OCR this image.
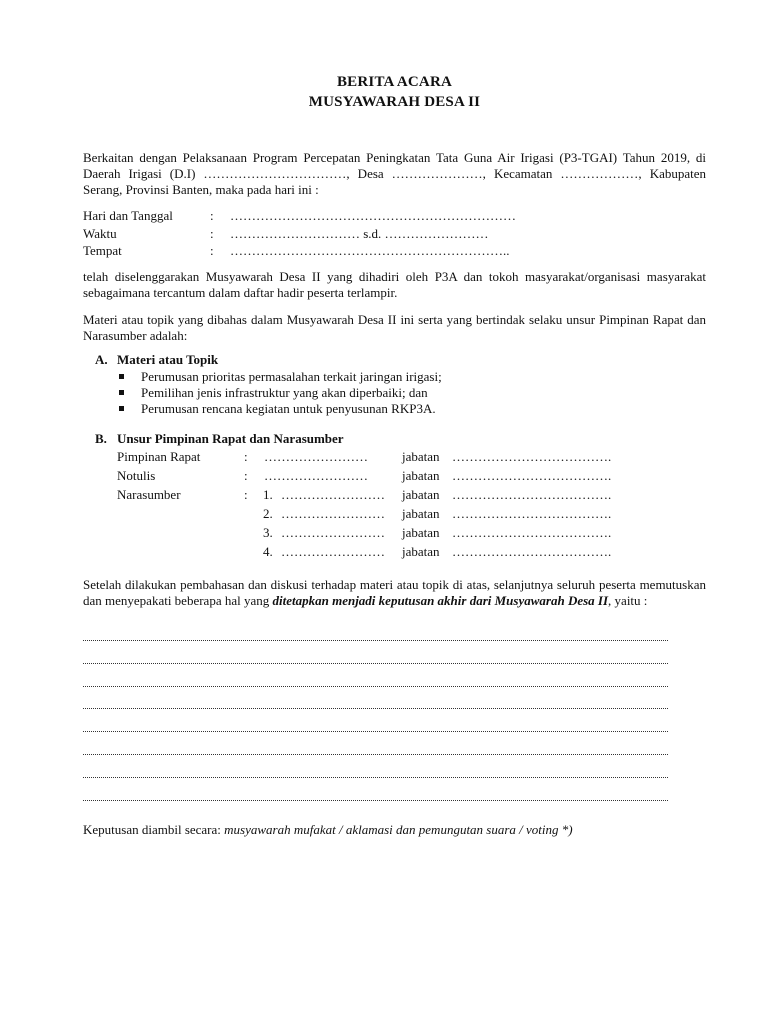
BERITA ACARA
MUSYAWARAH DESA II
Berkaitan dengan Pelaksanaan Program Percepatan Peningkatan Tata Guna Air Irigasi (P3-TGAI) Tahun 2019, di Daerah Irigasi (D.I) ……………………………, Desa …………………, Kecamatan ………………, Kabupaten Serang, Provinsi Banten, maka pada hari ini :
Hari dan Tanggal	: …………………………………………………………
Waktu	: ………………………… s.d. ……………………
Tempat	: ………………………………………………………..
telah diselenggarakan Musyawarah Desa II yang dihadiri oleh P3A dan tokoh masyarakat/organisasi masyarakat sebagaimana tercantum dalam daftar hadir peserta terlampir.
Materi atau topik yang dibahas dalam Musyawarah Desa II ini serta yang bertindak selaku unsur Pimpinan Rapat dan Narasumber adalah:
A. Materi atau Topik
Perumusan prioritas permasalahan terkait jaringan irigasi;
Pemilihan jenis infrastruktur yang akan diperbaiki; dan
Perumusan rencana kegiatan untuk penyusunan RKP3A.
B. Unsur Pimpinan Rapat dan Narasumber
Pimpinan Rapat	: ……………………	jabatan ……………………………….
Notulis	: ……………………	jabatan ……………………………….
Narasumber	: 1. …………………… jabatan ……………………………….
2. …………………… jabatan ……………………………….
3. …………………… jabatan ……………………………….
4. …………………… jabatan ……………………………….
Setelah dilakukan pembahasan dan diskusi terhadap materi atau topik di atas, selanjutnya seluruh peserta memutuskan dan menyepakati beberapa hal yang ditetapkan menjadi keputusan akhir dari Musyawarah Desa II, yaitu :
Keputusan diambil secara: musyawarah mufakat / aklamasi dan pemungutan suara / voting *)
